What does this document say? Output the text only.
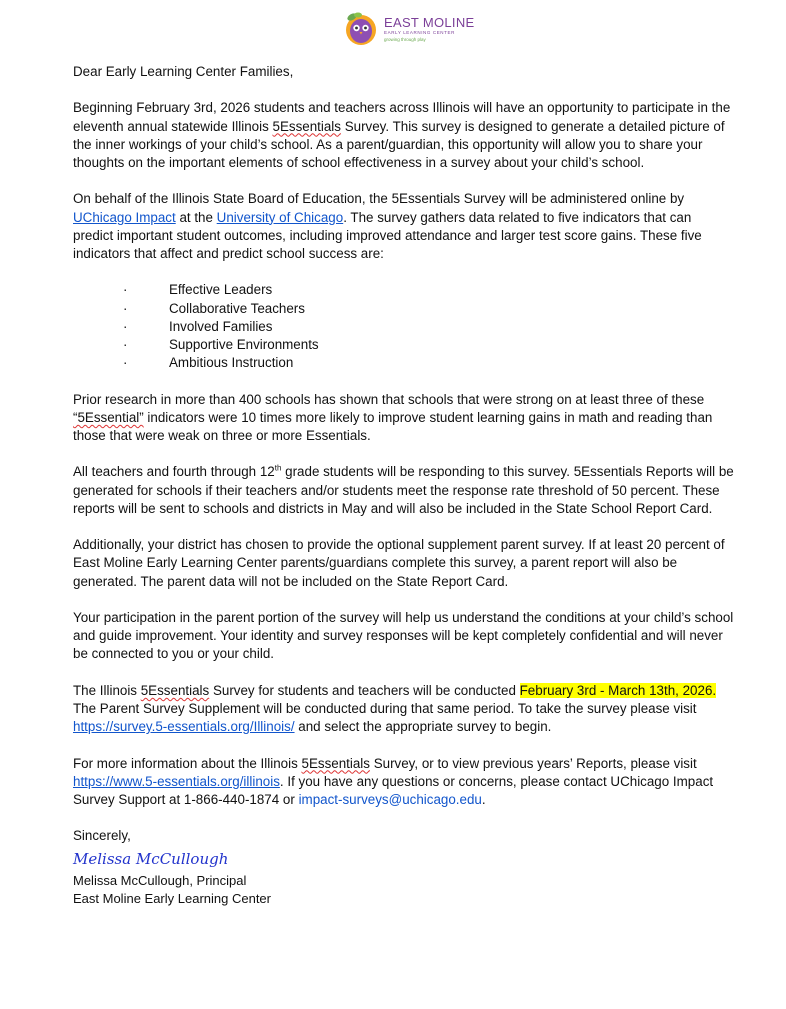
EAST MOLINE
EARLY LEARNING CENTER
growing through play

Dear Early Learning Center Families,

Beginning February 3rd, 2026 students and teachers across Illinois will have an opportunity to participate in the eleventh annual statewide Illinois 5Essentials Survey. This survey is designed to generate a detailed picture of the inner workings of your child’s school. As a parent/guardian, this opportunity will allow you to share your thoughts on the important elements of school effectiveness in a survey about your child’s school.

On behalf of the Illinois State Board of Education, the 5Essentials Survey will be administered online by UChicago Impact at the University of Chicago. The survey gathers data related to five indicators that can predict important student outcomes, including improved attendance and larger test score gains. These five indicators that affect and predict school success are:

·	Effective Leaders
·	Collaborative Teachers
·	Involved Families
·	Supportive Environments
·	Ambitious Instruction

Prior research in more than 400 schools has shown that schools that were strong on at least three of these “5Essential” indicators were 10 times more likely to improve student learning gains in math and reading than those that were weak on three or more Essentials.

All teachers and fourth through 12th grade students will be responding to this survey. 5Essentials Reports will be generated for schools if their teachers and/or students meet the response rate threshold of 50 percent. These reports will be sent to schools and districts in May and will also be included in the State School Report Card.

Additionally, your district has chosen to provide the optional supplement parent survey. If at least 20 percent of East Moline Early Learning Center parents/guardians complete this survey, a parent report will also be generated. The parent data will not be included on the State Report Card.

Your participation in the parent portion of the survey will help us understand the conditions at your child’s school and guide improvement. Your identity and survey responses will be kept completely confidential and will never be connected to you or your child.

The Illinois 5Essentials Survey for students and teachers will be conducted February 3rd - March 13th, 2026. The Parent Survey Supplement will be conducted during that same period. To take the survey please visit https://survey.5-essentials.org/Illinois/ and select the appropriate survey to begin.

For more information about the Illinois 5Essentials Survey, or to view previous years’ Reports, please visit https://www.5-essentials.org/illinois. If you have any questions or concerns, please contact UChicago Impact Survey Support at 1-866-440-1874 or impact-surveys@uchicago.edu.

Sincerely,
Melissa McCullough
Melissa McCullough, Principal
East Moline Early Learning Center
